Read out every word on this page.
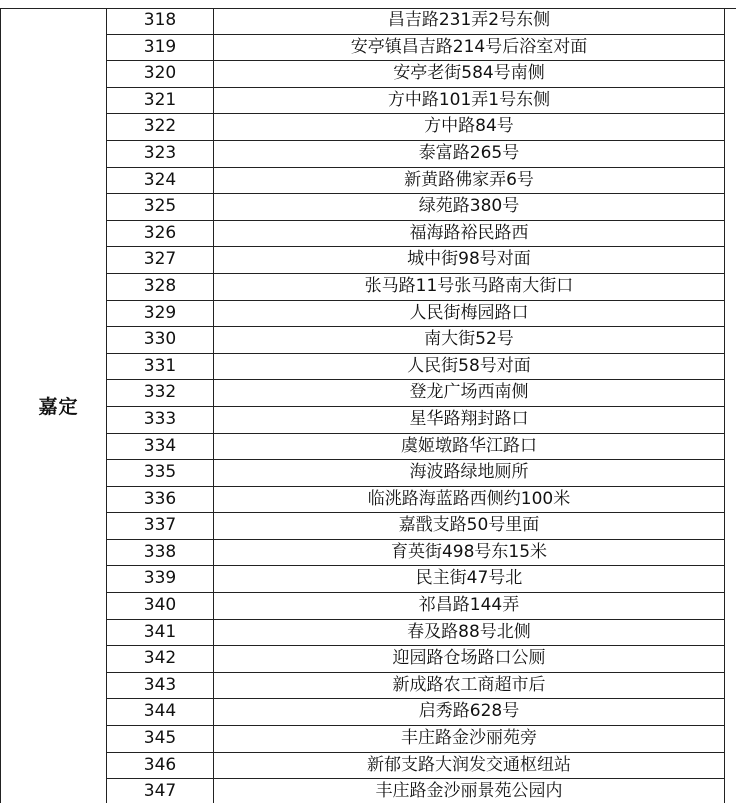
嘉定
318	昌吉路231弄2号东侧
319	安亭镇昌吉路214号后浴室对面
320	安亭老街584号南侧
321	方中路101弄1号东侧
322	方中路84号
323	泰富路265号
324	新黄路佛家弄6号
325	绿苑路380号
326	福海路裕民路西
327	城中街98号对面
328	张马路11号张马路南大街口
329	人民街梅园路口
330	南大街52号
331	人民街58号对面
332	登龙广场西南侧
333	星华路翔封路口
334	虞姬墩路华江路口
335	海波路绿地厕所
336	临洮路海蓝路西侧约100米
337	嘉戬支路50号里面
338	育英街498号东15米
339	民主街47号北
340	祁昌路144弄
341	春及路88号北侧
342	迎园路仓场路口公厕
343	新成路农工商超市后
344	启秀路628号
345	丰庄路金沙丽苑旁
346	新郁支路大润发交通枢纽站
347	丰庄路金沙丽景苑公园内
